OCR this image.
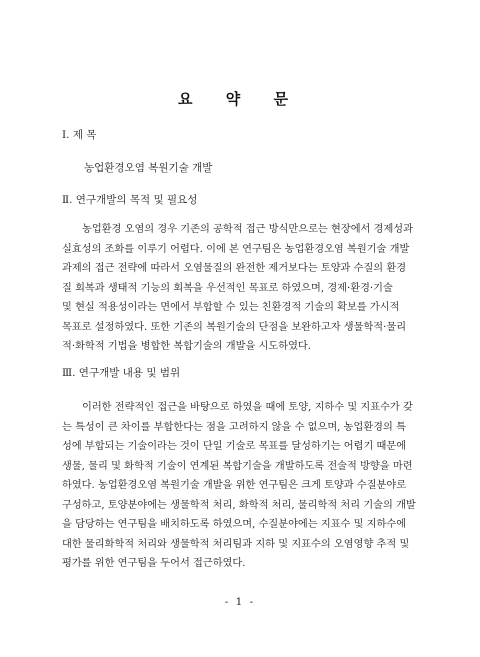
요 약 문
Ⅰ. 제 목
농업환경오염 복원기술 개발
Ⅱ. 연구개발의 목적 및 필요성
농업환경 오염의 경우 기존의 공학적 접근 방식만으로는 현장에서 경제성과
실효성의 조화를 이루기 어렵다. 이에 본 연구팀은 농업환경오염 복원기술 개발
과제의 접근 전략에 따라서 오염물질의 완전한 제거보다는 토양과 수질의 환경
질 회복과 생태적 기능의 회복을 우선적인 목표로 하였으며, 경제·환경·기술
및 현실 적용성이라는 면에서 부합할 수 있는 친환경적 기술의 확보를 가시적
목표로 설정하였다. 또한 기존의 복원기술의 단점을 보완하고자 생물학적·물리
적·화학적 기법을 병합한 복합기술의 개발을 시도하였다.
Ⅲ. 연구개발 내용 및 범위
이러한 전략적인 접근을 바탕으로 하였을 때에 토양, 지하수 및 지표수가 갖
는 특성이 큰 차이를 부합한다는 점을 고려하지 않을 수 없으며, 농업환경의 특
성에 부합되는 기술이라는 것이 단일 기술로 목표를 달성하기는 어렵기 때문에
생물, 물리 및 화학적 기술이 연계된 복합기술을 개발하도록 전술적 방향을 마련
하였다. 농업환경오염 복원기술 개발을 위한 연구팀은 크게 토양과 수질분야로
구성하고, 토양분야에는 생물학적 처리, 화학적 처리, 물리학적 처리 기술의 개발
을 담당하는 연구팀을 배치하도록 하였으며, 수질분야에는 지표수 및 지하수에
대한 물리화학적 처리와 생물학적 처리팀과 지하 및 지표수의 오염영향 추적 및
평가를 위한 연구팀을 두어서 접근하였다.
- 1 -
